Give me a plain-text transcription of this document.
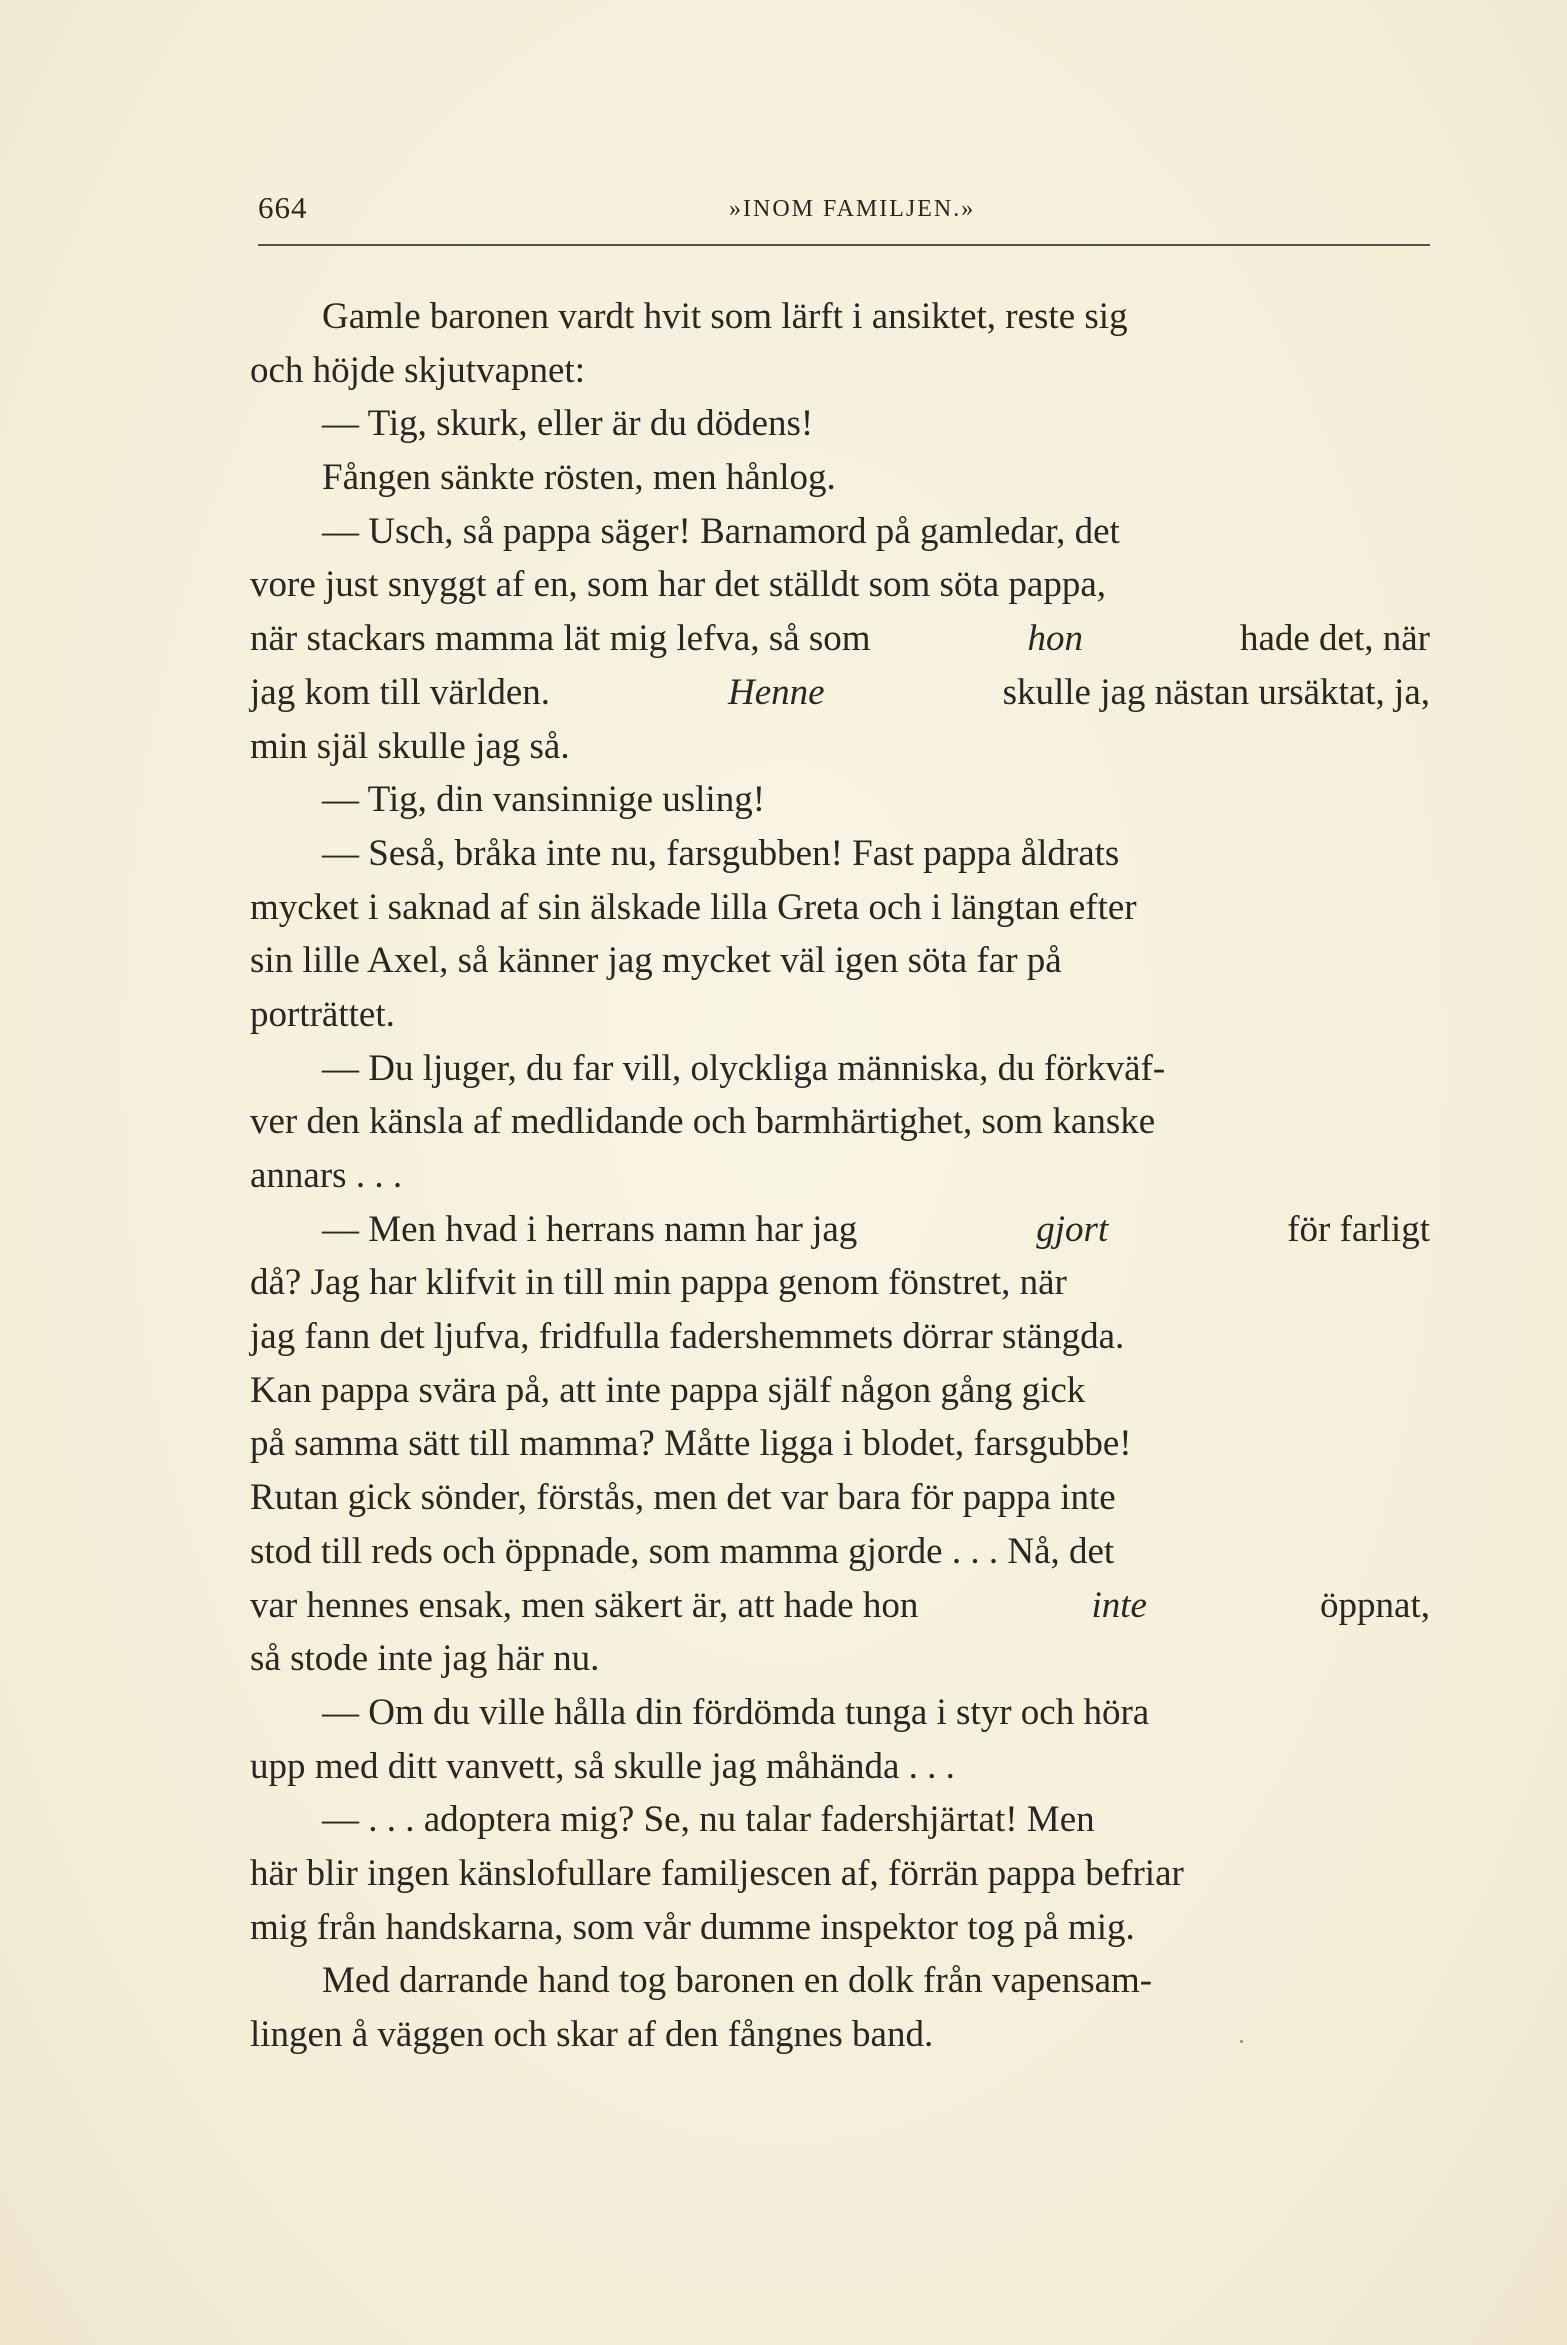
664	»INOM FAMILJEN.»
Gamle baronen vardt hvit som lärft i ansiktet, reste sig
och höjde skjutvapnet:
— Tig, skurk, eller är du dödens!
Fången sänkte rösten, men hånlog.
— Usch, så pappa säger! Barnamord på gamledar, det
vore just snyggt af en, som har det ställdt som söta pappa,
när stackars mamma lät mig lefva, så som	hon	hade det, när
jag kom till världen.	Henne	skulle jag nästan ursäktat, ja,
min själ skulle jag så.
— Tig, din vansinnige usling!
— Seså, bråka inte nu, farsgubben! Fast pappa åldrats
mycket i saknad af sin älskade lilla Greta och i längtan efter
sin lille Axel, så känner jag mycket väl igen söta far på
porträttet.
— Du ljuger, du far vill, olyckliga människa, du förkväf-
ver den känsla af medlidande och barmhärtighet, som kanske
annars . . .
— Men hvad i herrans namn har jag	gjort	för farligt
då? Jag har klifvit in till min pappa genom fönstret, när
jag fann det ljufva, fridfulla fadershemmets dörrar stängda.
Kan pappa svära på, att inte pappa själf någon gång gick
på samma sätt till mamma? Måtte ligga i blodet, farsgubbe!
Rutan gick sönder, förstås, men det var bara för pappa inte
stod till reds och öppnade, som mamma gjorde . . . Nå, det
var hennes ensak, men säkert är, att hade hon	inte	öppnat,
så stode inte jag här nu.
— Om du ville hålla din fördömda tunga i styr och höra
upp med ditt vanvett, så skulle jag måhända . . .
— . . . adoptera mig? Se, nu talar fadershjärtat! Men
här blir ingen känslofullare familjescen af, förrän pappa befriar
mig från handskarna, som vår dumme inspektor tog på mig.
Med darrande hand tog baronen en dolk från vapensam-
lingen å väggen och skar af den fångnes band.
